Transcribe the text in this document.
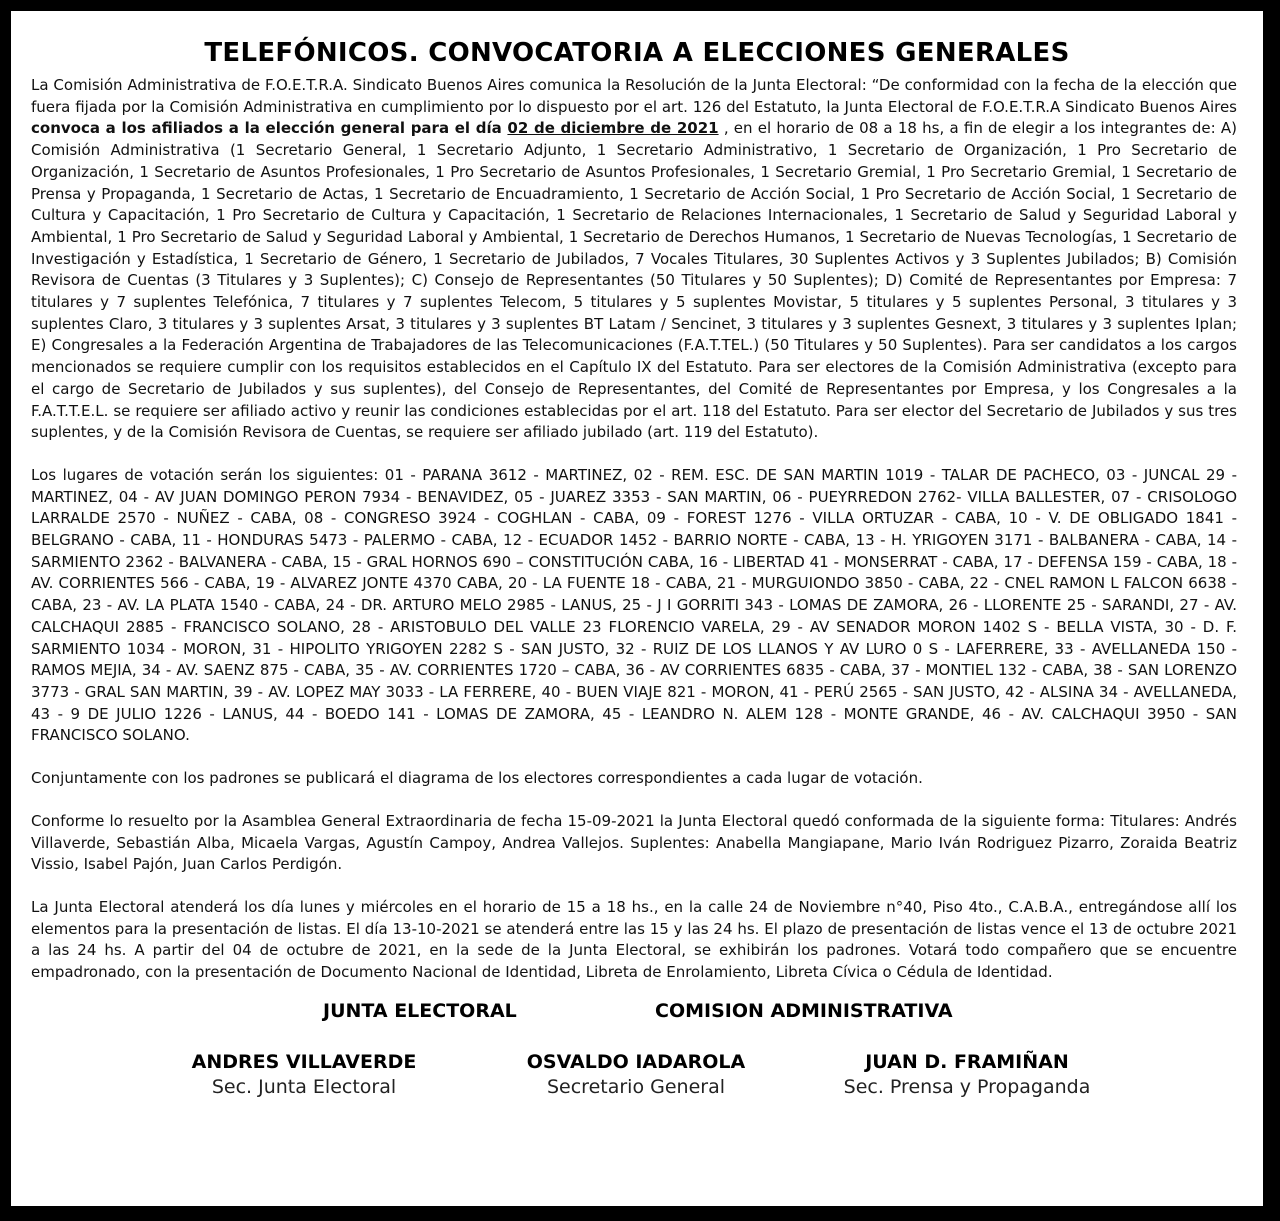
TELEFÓNICOS. CONVOCATORIA A ELECCIONES GENERALES

La Comisión Administrativa de F.O.E.T.R.A. Sindicato Buenos Aires comunica la Resolución de la Junta Electoral: “De conformidad con la fecha de la elección que fuera fijada por la Comisión Administrativa en cumplimiento por lo dispuesto por el art. 126 del Estatuto, la Junta Electoral de F.O.E.T.R.A Sindicato Buenos Aires convoca a los afiliados a la elección general para el día 02 de diciembre de 2021 , en el horario de 08 a 18 hs, a fin de elegir a los integrantes de: A) Comisión Administrativa (1 Secretario General, 1 Secretario Adjunto, 1 Secretario Administrativo, 1 Secretario de Organización, 1 Pro Secretario de Organización, 1 Secretario de Asuntos Profesionales, 1 Pro Secretario de Asuntos Profesionales, 1 Secretario Gremial, 1 Pro Secretario Gremial, 1 Secretario de Prensa y Propaganda, 1 Secretario de Actas, 1 Secretario de Encuadramiento, 1 Secretario de Acción Social, 1 Pro Secretario de Acción Social, 1 Secretario de Cultura y Capacitación, 1 Pro Secretario de Cultura y Capacitación, 1 Secretario de Relaciones Internacionales, 1 Secretario de Salud y Seguridad Laboral y Ambiental, 1 Pro Secretario de Salud y Seguridad Laboral y Ambiental, 1 Secretario de Derechos Humanos, 1 Secretario de Nuevas Tecnologías, 1 Secretario de Investigación y Estadística, 1 Secretario de Género, 1 Secretario de Jubilados, 7 Vocales Titulares, 30 Suplentes Activos y 3 Suplentes Jubilados; B) Comisión Revisora de Cuentas (3 Titulares y 3 Suplentes); C) Consejo de Representantes (50 Titulares y 50 Suplentes); D) Comité de Representantes por Empresa: 7 titulares y 7 suplentes Telefónica, 7 titulares y 7 suplentes Telecom, 5 titulares y 5 suplentes Movistar, 5 titulares y 5 suplentes Personal, 3 titulares y 3 suplentes Claro, 3 titulares y 3 suplentes Arsat, 3 titulares y 3 suplentes BT Latam / Sencinet, 3 titulares y 3 suplentes Gesnext, 3 titulares y 3 suplentes Iplan; E) Congresales a la Federación Argentina de Trabajadores de las Telecomunicaciones (F.A.T.TEL.) (50 Titulares y 50 Suplentes). Para ser candidatos a los cargos mencionados se requiere cumplir con los requisitos establecidos en el Capítulo IX del Estatuto. Para ser electores de la Comisión Administrativa (excepto para el cargo de Secretario de Jubilados y sus suplentes), del Consejo de Representantes, del Comité de Representantes por Empresa, y los Congresales a la F.A.T.T.E.L. se requiere ser afiliado activo y reunir las condiciones establecidas por el art. 118 del Estatuto. Para ser elector del Secretario de Jubilados y sus tres suplentes, y de la Comisión Revisora de Cuentas, se requiere ser afiliado jubilado (art. 119 del Estatuto).

Los lugares de votación serán los siguientes: 01 - PARANA 3612 - MARTINEZ, 02 - REM. ESC. DE SAN MARTIN 1019 - TALAR DE PACHECO, 03 - JUNCAL 29 - MARTINEZ, 04 - AV JUAN DOMINGO PERON 7934 - BENAVIDEZ, 05 - JUAREZ 3353 - SAN MARTIN, 06 - PUEYRREDON 2762- VILLA BALLESTER, 07 - CRISOLOGO LARRALDE 2570 - NUÑEZ - CABA, 08 - CONGRESO 3924 - COGHLAN - CABA, 09 - FOREST 1276 - VILLA ORTUZAR - CABA, 10 - V. DE OBLIGADO 1841 - BELGRANO - CABA, 11 - HONDURAS 5473 - PALERMO - CABA, 12 - ECUADOR 1452 - BARRIO NORTE - CABA, 13 - H. YRIGOYEN 3171 - BALBANERA - CABA, 14 - SARMIENTO 2362 - BALVANERA - CABA, 15 - GRAL HORNOS 690 – CONSTITUCIÓN CABA, 16 - LIBERTAD 41 - MONSERRAT - CABA, 17 - DEFENSA 159 - CABA, 18 - AV. CORRIENTES 566 - CABA, 19 - ALVAREZ JONTE 4370 CABA, 20 - LA FUENTE 18 - CABA, 21 - MURGUIONDO 3850 - CABA, 22 - CNEL RAMON L FALCON 6638 - CABA, 23 - AV. LA PLATA 1540 - CABA, 24 - DR. ARTURO MELO 2985 - LANUS, 25 - J I GORRITI 343 - LOMAS DE ZAMORA, 26 - LLORENTE 25 - SARANDI, 27 - AV. CALCHAQUI 2885 - FRANCISCO SOLANO, 28 - ARISTOBULO DEL VALLE 23 FLORENCIO VARELA, 29 - AV SENADOR MORON 1402 S - BELLA VISTA, 30 - D. F. SARMIENTO 1034 - MORON, 31 - HIPOLITO YRIGOYEN 2282 S - SAN JUSTO, 32 - RUIZ DE LOS LLANOS Y AV LURO 0 S - LAFERRERE, 33 - AVELLANEDA 150 - RAMOS MEJIA, 34 - AV. SAENZ 875 - CABA, 35 - AV. CORRIENTES 1720 – CABA, 36 - AV CORRIENTES 6835 - CABA, 37 - MONTIEL 132 - CABA, 38 - SAN LORENZO 3773 - GRAL SAN MARTIN, 39 - AV. LOPEZ MAY 3033 - LA FERRERE, 40 - BUEN VIAJE 821 - MORON, 41 - PERÚ 2565 - SAN JUSTO, 42 - ALSINA 34 - AVELLANEDA, 43 - 9 DE JULIO 1226 - LANUS, 44 - BOEDO 141 - LOMAS DE ZAMORA, 45 - LEANDRO N. ALEM 128 - MONTE GRANDE, 46 - AV. CALCHAQUI 3950 - SAN FRANCISCO SOLANO.

Conjuntamente con los padrones se publicará el diagrama de los electores correspondientes a cada lugar de votación.

Conforme lo resuelto por la Asamblea General Extraordinaria de fecha 15-09-2021 la Junta Electoral quedó conformada de la siguiente forma: Titulares: Andrés Villaverde, Sebastián Alba, Micaela Vargas, Agustín Campoy, Andrea Vallejos. Suplentes: Anabella Mangiapane, Mario Iván Rodriguez Pizarro, Zoraida Beatriz Vissio, Isabel Pajón, Juan Carlos Perdigón.

La Junta Electoral atenderá los día lunes y miércoles en el horario de 15 a 18 hs., en la calle 24 de Noviembre n°40, Piso 4to., C.A.B.A., entregándose allí los elementos para la presentación de listas. El día 13-10-2021 se atenderá entre las 15 y las 24 hs. El plazo de presentación de listas vence el 13 de octubre 2021 a las 24 hs. A partir del 04 de octubre de 2021, en la sede de la Junta Electoral, se exhibirán los padrones. Votará todo compañero que se encuentre empadronado, con la presentación de Documento Nacional de Identidad, Libreta de Enrolamiento, Libreta Cívica o Cédula de Identidad.

JUNTA ELECTORAL	COMISION ADMINISTRATIVA
ANDRES VILLAVERDE
Sec. Junta Electoral
OSVALDO IADAROLA
Secretario General
JUAN D. FRAMIÑAN
Sec. Prensa y Propaganda
